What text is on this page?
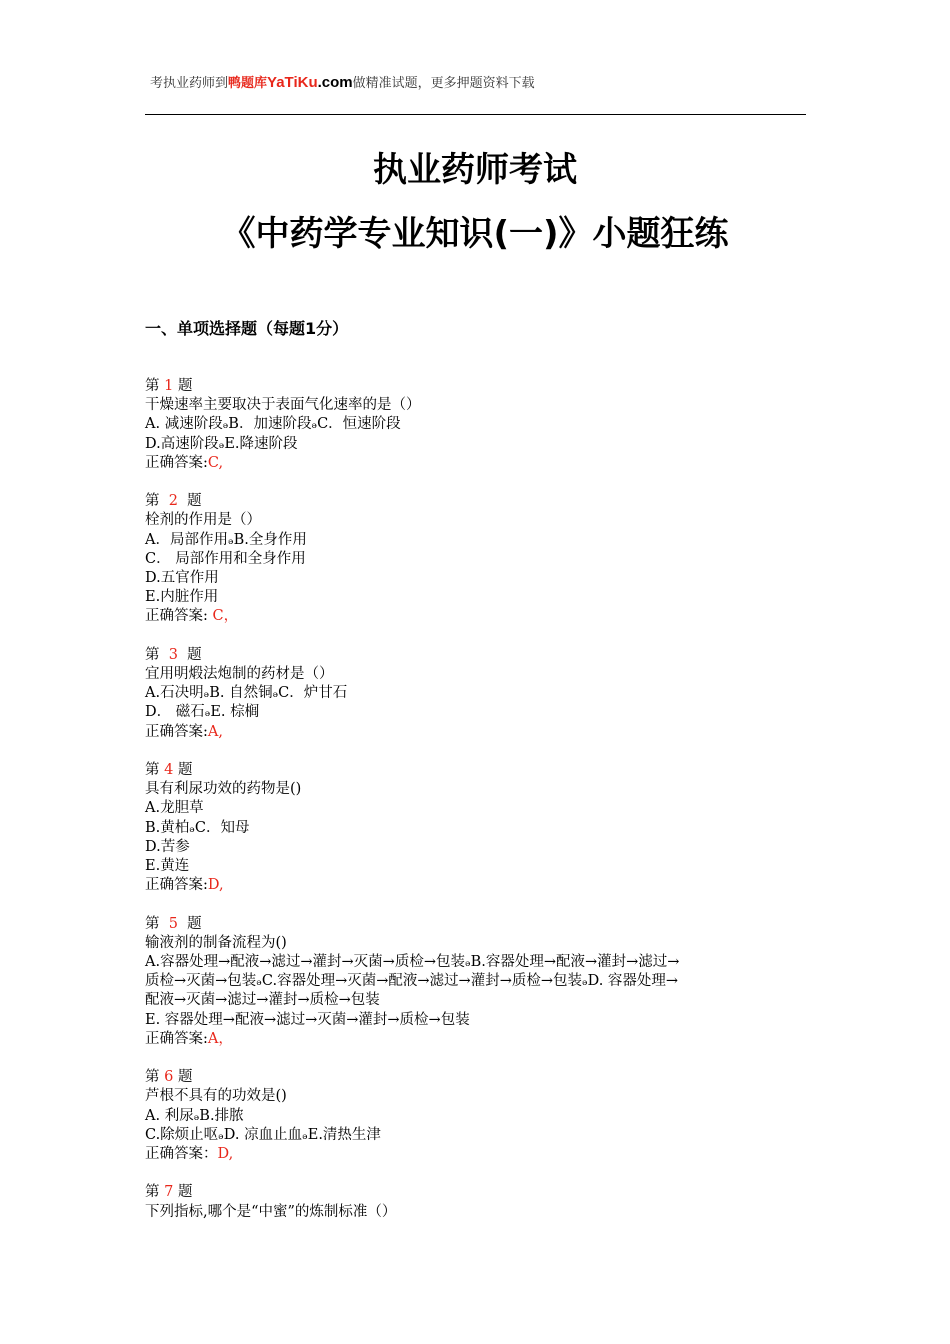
考执业药师到鸭题库YaTiKu.com做精准试题，更多押题资料下载
执业药师考试
《中药学专业知识(一)》小题狂练
一、单项选择题（每题1分）
第 1 题
干燥速率主要取决于表面气化速率的是（）
A. 减速阶段ₔB．加速阶段ₔC．恒速阶段
D.高速阶段ₔE.降速阶段
正确答案:C,
第  2  题
栓剂的作用是（）
A．局部作用ₔB.全身作用
C． 局部作用和全身作用
D.五官作用
E.内脏作用
正确答案: C，
第  3  题
宜用明煅法炮制的药材是（）
A.石决明ₔB. 自然铜ₔC．炉甘石
D． 磁石ₔE. 棕榈
正确答案:A,
第 4 题
具有利尿功效的药物是()
A.龙胆草
B.黄柏ₔC．知母
D.苦参
E.黄连
正确答案:D,
第  5  题
输液剂的制备流程为()
A.容器处理→配液→滤过→灌封→灭菌→质检→包装ₔB.容器处理→配液→灌封→滤过→
质检→灭菌→包装ₔC.容器处理→灭菌→配液→滤过→灌封→质检→包装ₔD. 容器处理→
配液→灭菌→滤过→灌封→质检→包装
E. 容器处理→配液→滤过→灭菌→灌封→质检→包装
正确答案:A，
第 6 题
芦根不具有的功效是()
A. 利尿ₔB.排脓
C.除烦止呕ₔD. 凉血止血ₔE.清热生津
正确答案：D,
第 7 题
下列指标,哪个是“中蜜”的炼制标准（）
